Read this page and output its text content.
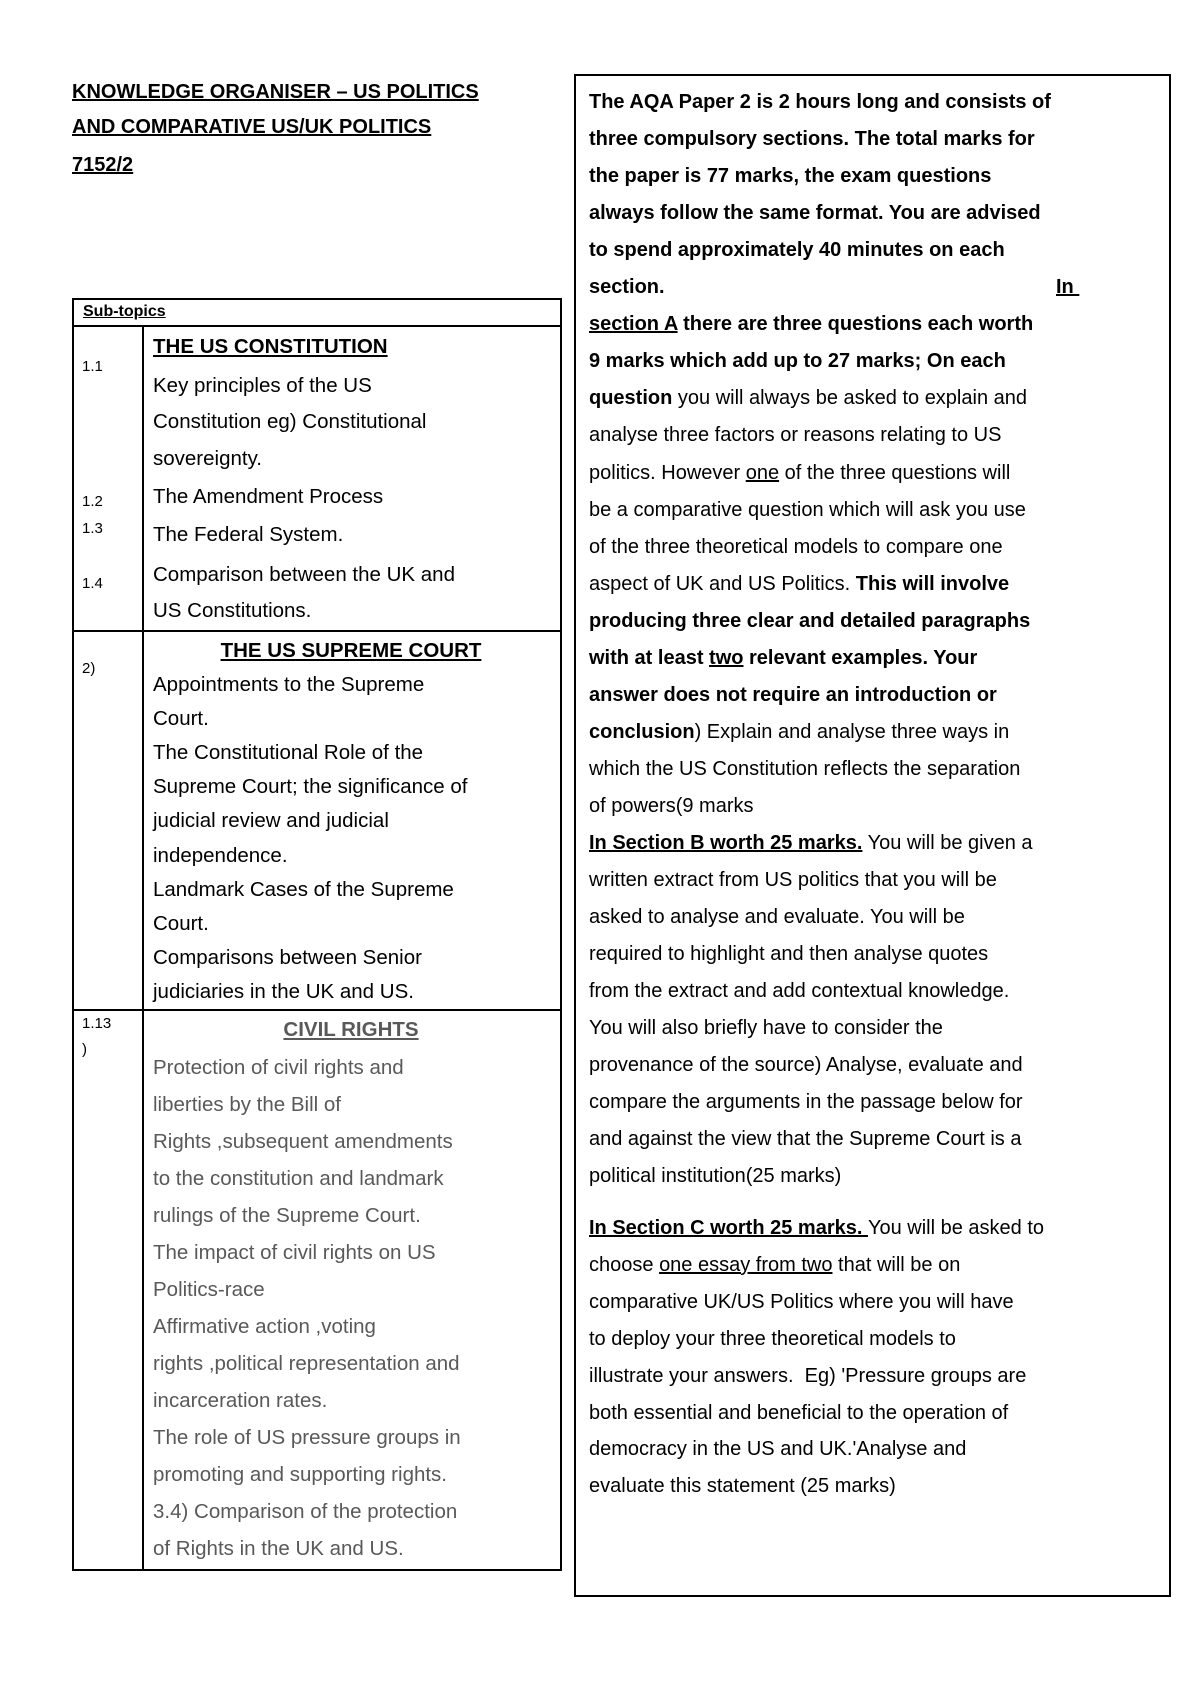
KNOWLEDGE ORGANISER – US POLITICS
AND COMPARATIVE US/UK POLITICS
7152/2
Sub-topics
THE US CONSTITUTION
Key principles of the US
Constitution eg) Constitutional
sovereignty.
The Amendment Process
The Federal System.
Comparison between the UK and
US Constitutions.
1.1
1.2
1.3
1.4
THE US SUPREME COURT
Appointments to the Supreme
Court.
The Constitutional Role of the
Supreme Court; the significance of
judicial review and judicial
independence.
Landmark Cases of the Supreme
Court.
Comparisons between Senior
judiciaries in the UK and US.
2)
CIVIL RIGHTS
Protection of civil rights and
liberties by the Bill of
Rights ,subsequent amendments
to the constitution and landmark
rulings of the Supreme Court.
The impact of civil rights on US
Politics-race
Affirmative action ,voting
rights ,political representation and
incarceration rates.
The role of US pressure groups in
promoting and supporting rights.
3.4) Comparison of the protection
of Rights in the UK and US.
1.13
)
The AQA Paper 2 is 2 hours long and consists of
three compulsory sections. The total marks for
the paper is 77 marks, the exam questions
always follow the same format. You are advised
to spend approximately 40 minutes on each
section.
section A there are three questions each worth
9 marks which add up to 27 marks; On each
question you will always be asked to explain and
analyse three factors or reasons relating to US
politics. However one of the three questions will
be a comparative question which will ask you use
of the three theoretical models to compare one
aspect of UK and US Politics. This will involve
producing three clear and detailed paragraphs
with at least two relevant examples. Your
answer does not require an introduction or
conclusion) Explain and analyse three ways in
which the US Constitution reflects the separation
of powers(9 marks
In Section B worth 25 marks. You will be given a
written extract from US politics that you will be
asked to analyse and evaluate. You will be
required to highlight and then analyse quotes
from the extract and add contextual knowledge.
You will also briefly have to consider the
provenance of the source) Analyse, evaluate and
compare the arguments in the passage below for
and against the view that the Supreme Court is a
political institution(25 marks)
In Section C worth 25 marks. You will be asked to
choose one essay from two that will be on
comparative UK/US Politics where you will have
to deploy your three theoretical models to
illustrate your answers.  Eg) 'Pressure groups are
both essential and beneficial to the operation of
democracy in the US and UK.'Analyse and
evaluate this statement (25 marks)
In
